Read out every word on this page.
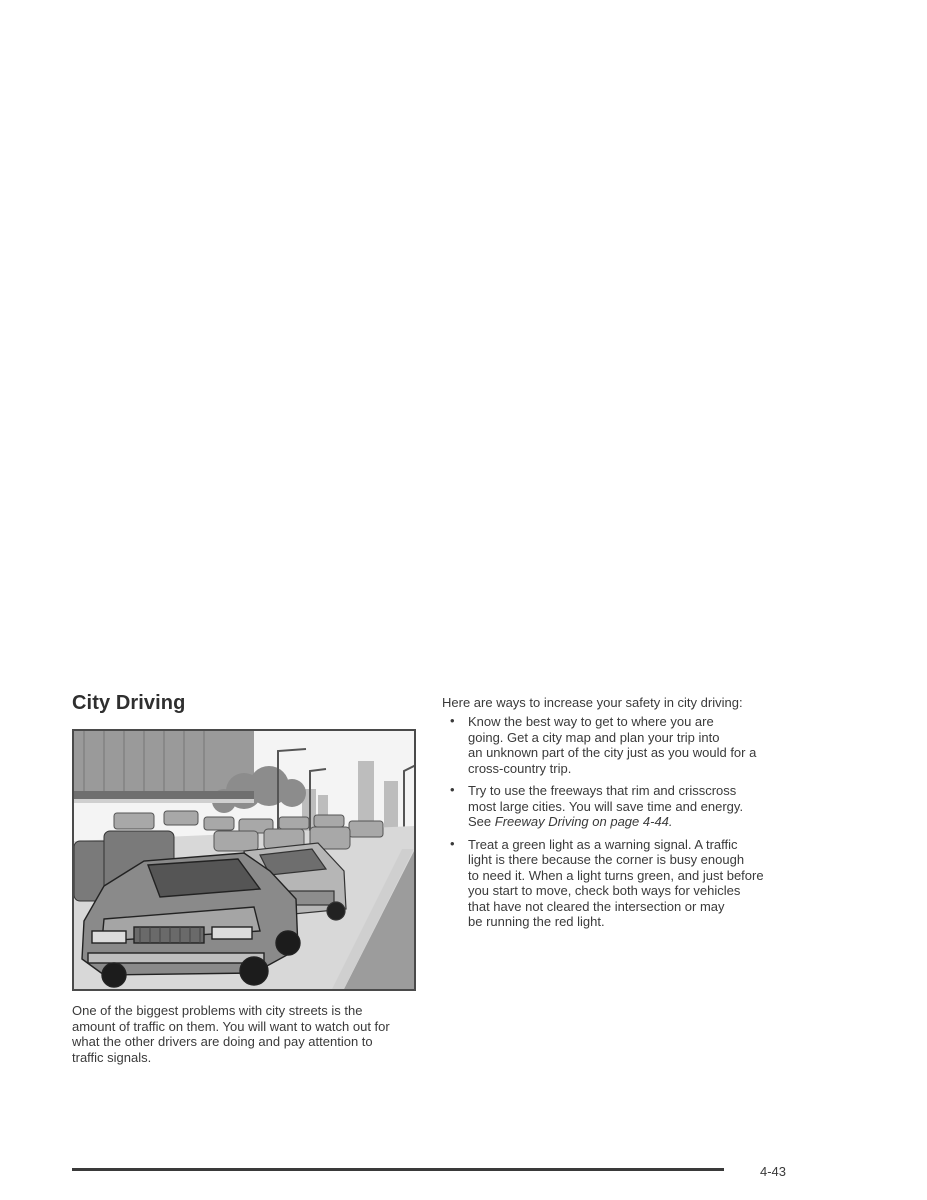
City Driving

One of the biggest problems with city streets is the
amount of traffic on them. You will want to watch out for
what the other drivers are doing and pay attention to
traffic signals.

Here are ways to increase your safety in city driving:

• Know the best way to get to where you are
going. Get a city map and plan your trip into
an unknown part of the city just as you would for a
cross-country trip.
• Try to use the freeways that rim and crisscross
most large cities. You will save time and energy.
See Freeway Driving on page 4-44.
• Treat a green light as a warning signal. A traffic
light is there because the corner is busy enough
to need it. When a light turns green, and just before
you start to move, check both ways for vehicles
that have not cleared the intersection or may
be running the red light.
4-43
